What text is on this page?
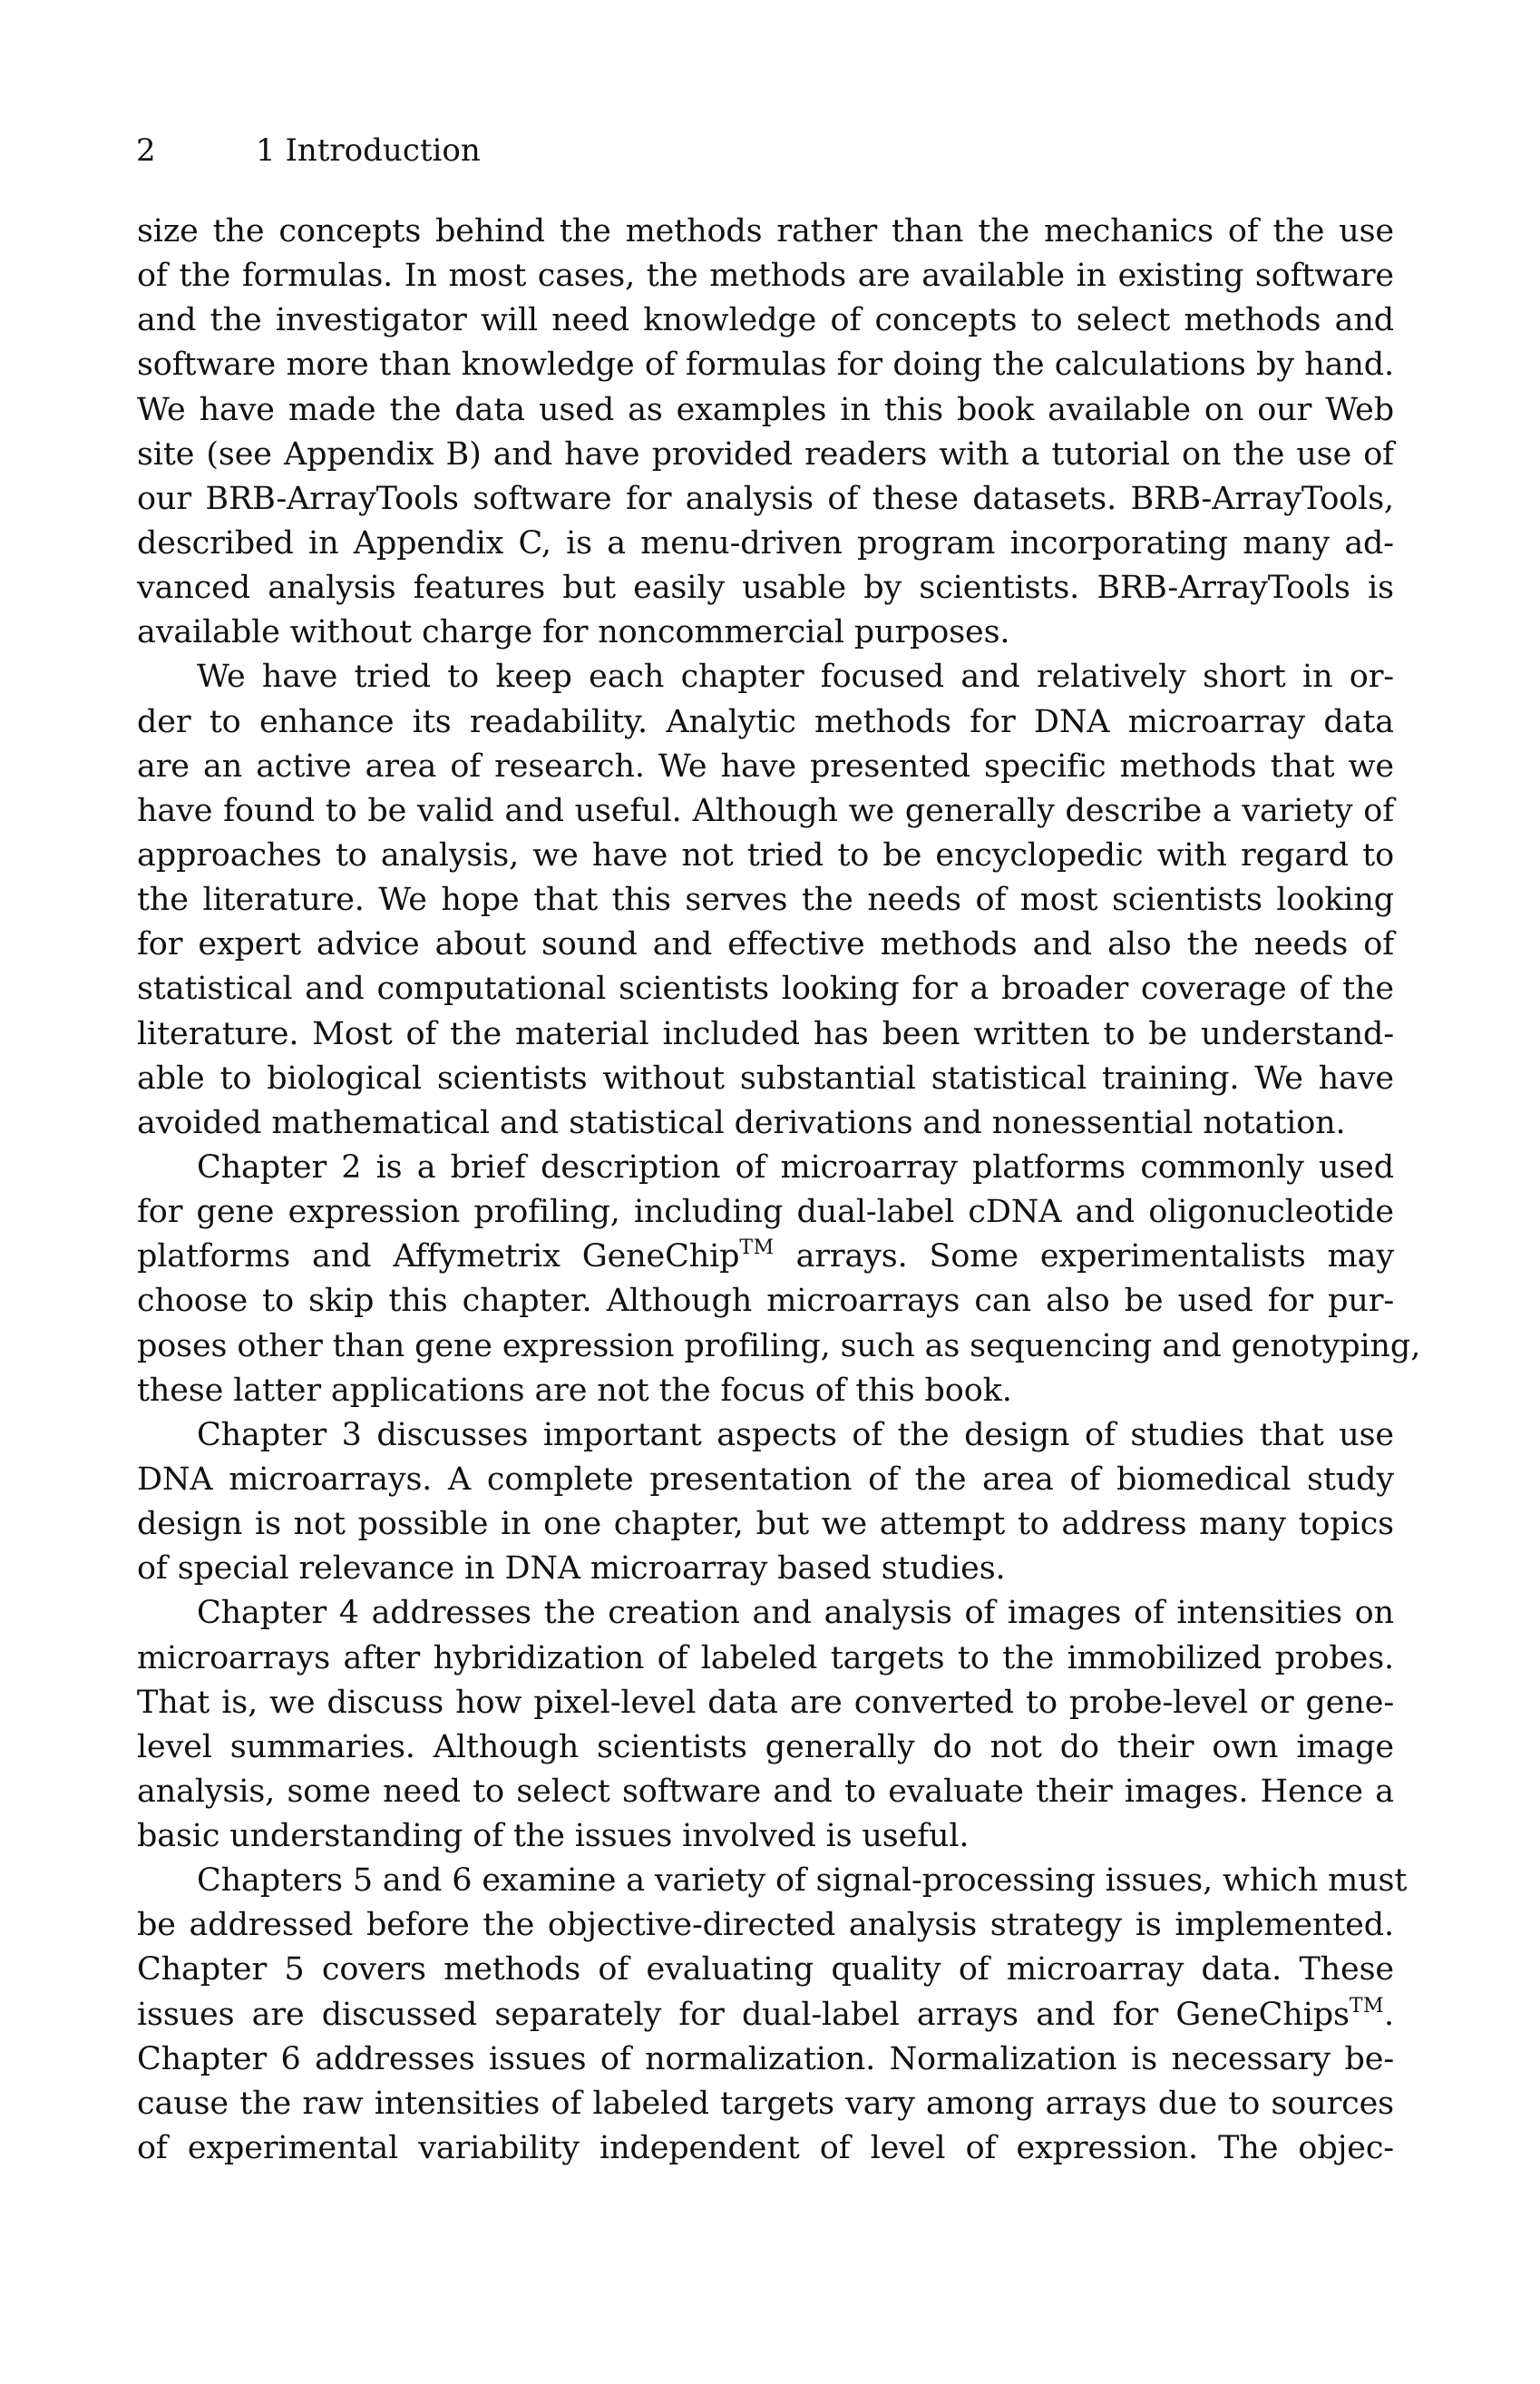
2	1 Introduction
size the concepts behind the methods rather than the mechanics of the use
of the formulas. In most cases, the methods are available in existing software
and the investigator will need knowledge of concepts to select methods and
software more than knowledge of formulas for doing the calculations by hand.
We have made the data used as examples in this book available on our Web
site (see Appendix B) and have provided readers with a tutorial on the use of
our BRB-ArrayTools software for analysis of these datasets. BRB-ArrayTools,
described in Appendix C, is a menu-driven program incorporating many ad-
vanced analysis features but easily usable by scientists. BRB-ArrayTools is
available without charge for noncommercial purposes.
We have tried to keep each chapter focused and relatively short in or-
der to enhance its readability. Analytic methods for DNA microarray data
are an active area of research. We have presented specific methods that we
have found to be valid and useful. Although we generally describe a variety of
approaches to analysis, we have not tried to be encyclopedic with regard to
the literature. We hope that this serves the needs of most scientists looking
for expert advice about sound and effective methods and also the needs of
statistical and computational scientists looking for a broader coverage of the
literature. Most of the material included has been written to be understand-
able to biological scientists without substantial statistical training. We have
avoided mathematical and statistical derivations and nonessential notation.
Chapter 2 is a brief description of microarray platforms commonly used
for gene expression profiling, including dual-label cDNA and oligonucleotide
platforms and Affymetrix GeneChip™ arrays. Some experimentalists may
choose to skip this chapter. Although microarrays can also be used for pur-
poses other than gene expression profiling, such as sequencing and genotyping,
these latter applications are not the focus of this book.
Chapter 3 discusses important aspects of the design of studies that use
DNA microarrays. A complete presentation of the area of biomedical study
design is not possible in one chapter, but we attempt to address many topics
of special relevance in DNA microarray based studies.
Chapter 4 addresses the creation and analysis of images of intensities on
microarrays after hybridization of labeled targets to the immobilized probes.
That is, we discuss how pixel-level data are converted to probe-level or gene-
level summaries. Although scientists generally do not do their own image
analysis, some need to select software and to evaluate their images. Hence a
basic understanding of the issues involved is useful.
Chapters 5 and 6 examine a variety of signal-processing issues, which must
be addressed before the objective-directed analysis strategy is implemented.
Chapter 5 covers methods of evaluating quality of microarray data. These
issues are discussed separately for dual-label arrays and for GeneChips™.
Chapter 6 addresses issues of normalization. Normalization is necessary be-
cause the raw intensities of labeled targets vary among arrays due to sources
of experimental variability independent of level of expression. The objec-
